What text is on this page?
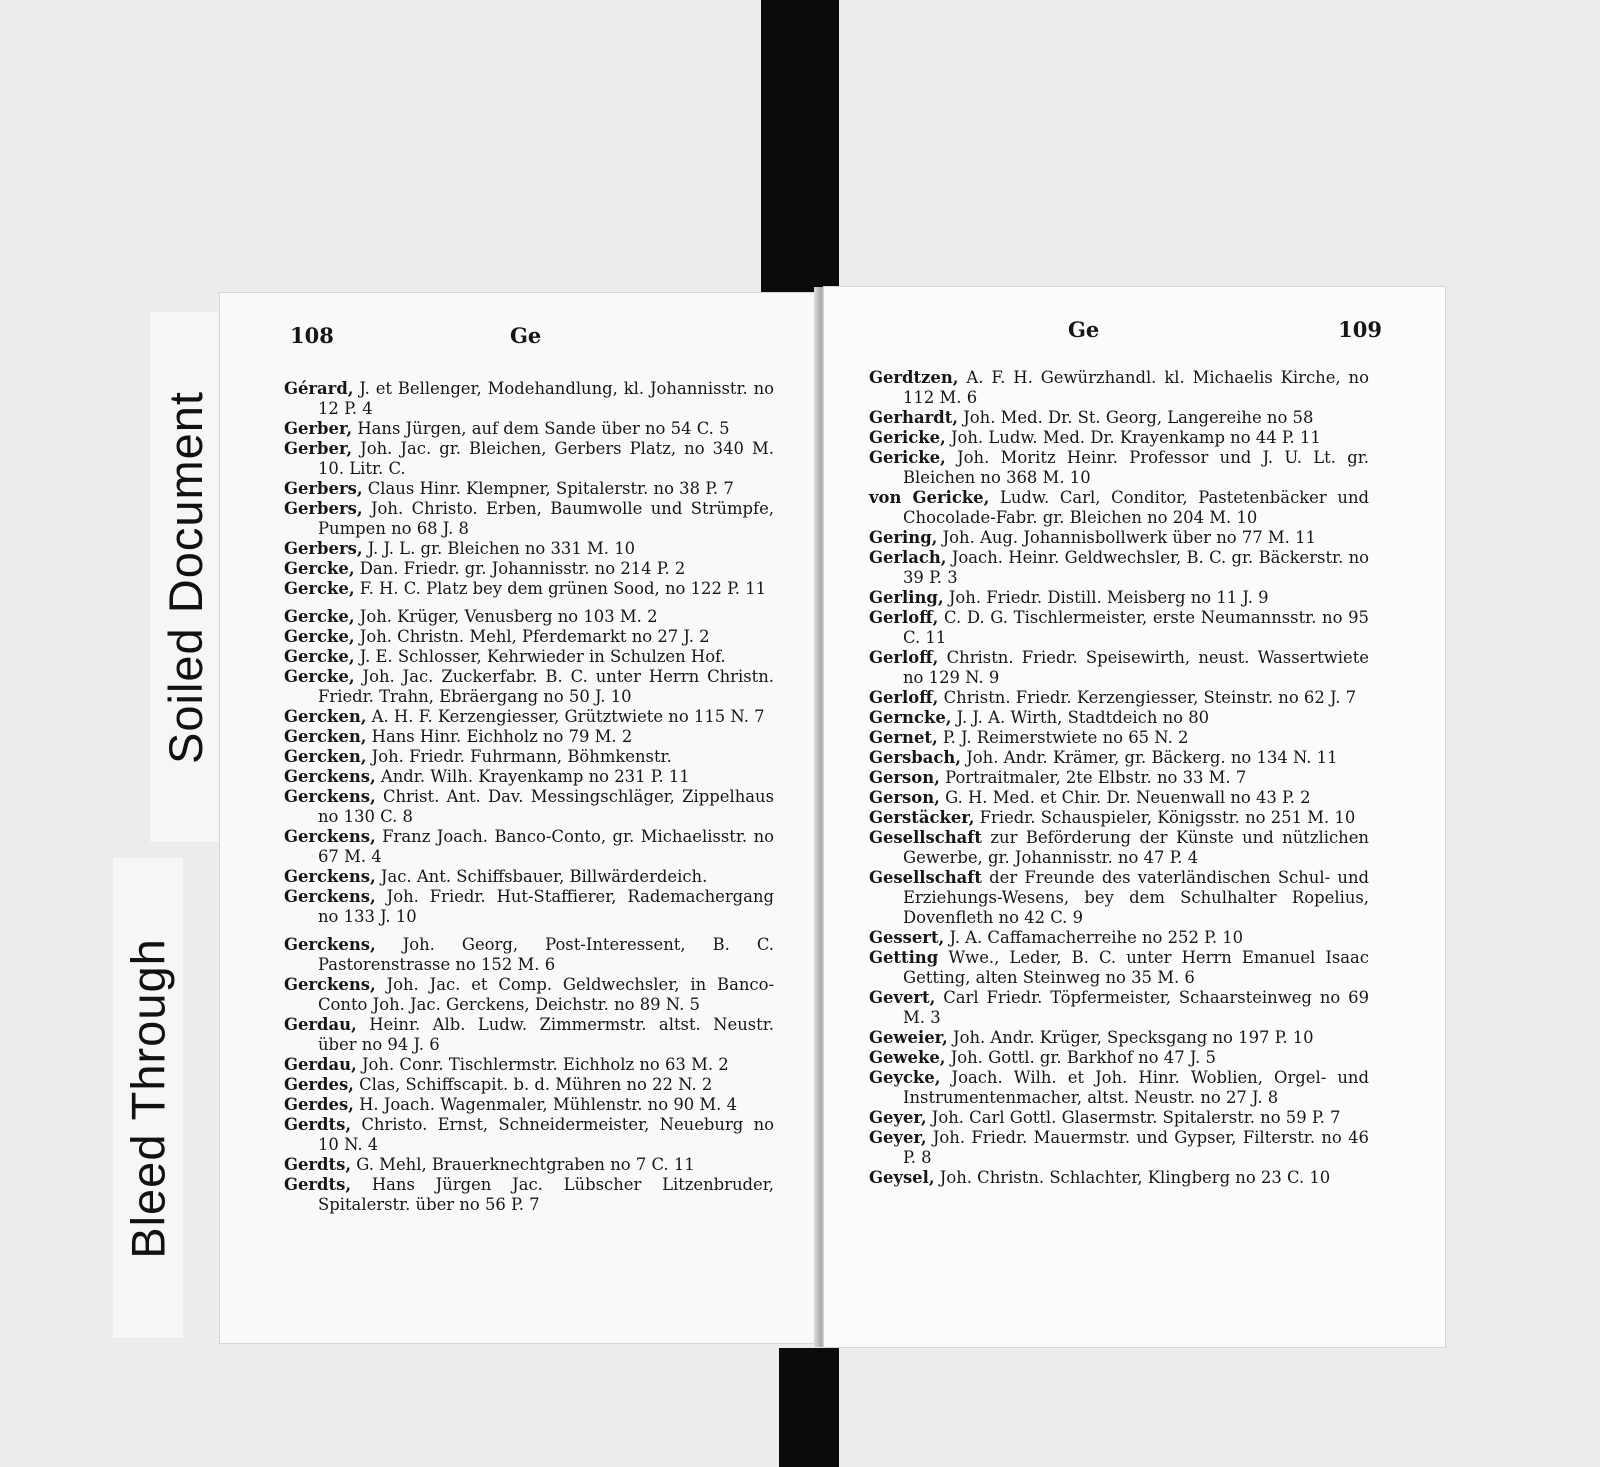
Soiled Document
Bleed Through
108	Ge
Gérard, J. et Bellenger, Modehandlung, kl. Johannisstr. no 12 P. 4
Gerber, Hans Jürgen, auf dem Sande über no 54 C. 5
Gerber, Joh. Jac. gr. Bleichen, Gerbers Platz, no 340 M. 10. Litr. C.
Gerbers, Claus Hinr. Klempner, Spitalerstr. no 38 P. 7
Gerbers, Joh. Christo. Erben, Baumwolle und Strümpfe, Pumpen no 68 J. 8
Gerbers, J. J. L. gr. Bleichen no 331 M. 10
Gercke, Dan. Friedr. gr. Johannisstr. no 214 P. 2
Gercke, F. H. C. Platz bey dem grünen Sood, no 122 P. 11
Gercke, Joh. Krüger, Venusberg no 103 M. 2
Gercke, Joh. Christn. Mehl, Pferdemarkt no 27 J. 2
Gercke, J. E. Schlosser, Kehrwieder in Schulzen Hof.
Gercke, Joh. Jac. Zuckerfabr. B. C. unter Herrn Christn. Friedr. Trahn, Ebräergang no 50 J. 10
Gercken, A. H. F. Kerzengiesser, Grütztwiete no 115 N. 7
Gercken, Hans Hinr. Eichholz no 79 M. 2
Gercken, Joh. Friedr. Fuhrmann, Böhmkenstr.
Gerckens, Andr. Wilh. Krayenkamp no 231 P. 11
Gerckens, Christ. Ant. Dav. Messingschläger, Zippelhaus no 130 C. 8
Gerckens, Franz Joach. Banco-Conto, gr. Michaelisstr. no 67 M. 4
Gerckens, Jac. Ant. Schiffsbauer, Billwärderdeich.
Gerckens, Joh. Friedr. Hut-Staffierer, Rademachergang no 133 J. 10
Gerckens, Joh. Georg, Post-Interessent, B. C. Pastorenstrasse no 152 M. 6
Gerckens, Joh. Jac. et Comp. Geldwechsler, in Banco-Conto Joh. Jac. Gerckens, Deichstr. no 89 N. 5
Gerdau, Heinr. Alb. Ludw. Zimmermstr. altst. Neustr. über no 94 J. 6
Gerdau, Joh. Conr. Tischlermstr. Eichholz no 63 M. 2
Gerdes, Clas, Schiffscapit. b. d. Mühren no 22 N. 2
Gerdes, H. Joach. Wagenmaler, Mühlenstr. no 90 M. 4
Gerdts, Christo. Ernst, Schneidermeister, Neueburg no 10 N. 4
Gerdts, G. Mehl, Brauerknechtgraben no 7 C. 11
Gerdts, Hans Jürgen Jac. Lübscher Litzenbruder, Spitalerstr. über no 56 P. 7
Ge	109
Gerdtzen, A. F. H. Gewürzhandl. kl. Michaelis Kirche, no 112 M. 6
Gerhardt, Joh. Med. Dr. St. Georg, Langereihe no 58
Gericke, Joh. Ludw. Med. Dr. Krayenkamp no 44 P. 11
Gericke, Joh. Moritz Heinr. Professor und J. U. Lt. gr. Bleichen no 368 M. 10
von Gericke, Ludw. Carl, Conditor, Pastetenbäcker und Chocolade-Fabr. gr. Bleichen no 204 M. 10
Gering, Joh. Aug. Johannisbollwerk über no 77 M. 11
Gerlach, Joach. Heinr. Geldwechsler, B. C. gr. Bäckerstr. no 39 P. 3
Gerling, Joh. Friedr. Distill. Meisberg no 11 J. 9
Gerloff, C. D. G. Tischlermeister, erste Neumannsstr. no 95 C. 11
Gerloff, Christn. Friedr. Speisewirth, neust. Wassertwiete no 129 N. 9
Gerloff, Christn. Friedr. Kerzengiesser, Steinstr. no 62 J. 7
Gerncke, J. J. A. Wirth, Stadtdeich no 80
Gernet, P. J. Reimerstwiete no 65 N. 2
Gersbach, Joh. Andr. Krämer, gr. Bäckerg. no 134 N. 11
Gerson, Portraitmaler, 2te Elbstr. no 33 M. 7
Gerson, G. H. Med. et Chir. Dr. Neuenwall no 43 P. 2
Gerstäcker, Friedr. Schauspieler, Königsstr. no 251 M. 10
Gesellschaft zur Beförderung der Künste und nützlichen Gewerbe, gr. Johannisstr. no 47 P. 4
Gesellschaft der Freunde des vaterländischen Schul- und Erziehungs-Wesens, bey dem Schulhalter Ropelius, Dovenfleth no 42 C. 9
Gessert, J. A. Caffamacherreihe no 252 P. 10
Getting Wwe., Leder, B. C. unter Herrn Emanuel Isaac Getting, alten Steinweg no 35 M. 6
Gevert, Carl Friedr. Töpfermeister, Schaarsteinweg no 69 M. 3
Geweier, Joh. Andr. Krüger, Specksgang no 197 P. 10
Geweke, Joh. Gottl. gr. Barkhof no 47 J. 5
Geycke, Joach. Wilh. et Joh. Hinr. Woblien, Orgel- und Instrumentenmacher, altst. Neustr. no 27 J. 8
Geyer, Joh. Carl Gottl. Glasermstr. Spitalerstr. no 59 P. 7
Geyer, Joh. Friedr. Mauermstr. und Gypser, Filterstr. no 46 P. 8
Geysel, Joh. Christn. Schlachter, Klingberg no 23 C. 10
